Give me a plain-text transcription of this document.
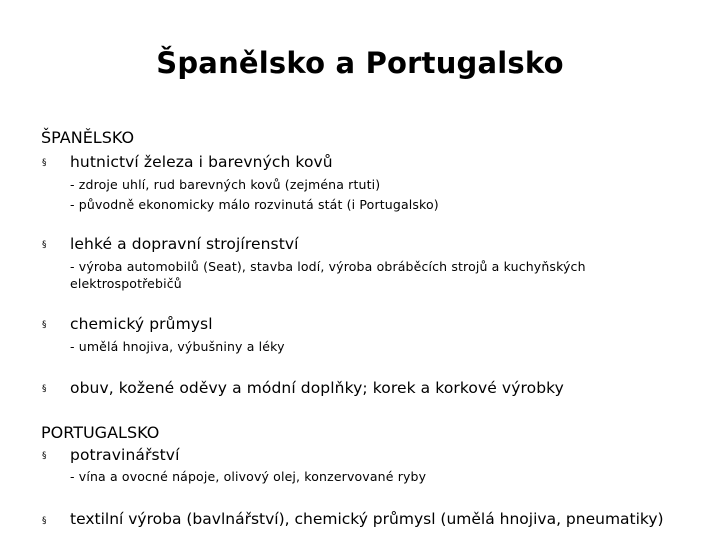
Španělsko a Portugalsko
ŠPANĚLSKO
§ hutnictví železa i barevných kovů
- zdroje uhlí, rud barevných kovů (zejména rtuti)
- původně ekonomicky málo rozvinutá stát (i Portugalsko)
§ lehké a dopravní strojírenství
- výroba automobilů (Seat), stavba lodí, výroba obráběcích strojů a kuchyňských
elektrospotřebičů
§ chemický průmysl
- umělá hnojiva, výbušniny a léky
§ obuv, kožené oděvy a módní doplňky; korek a korkové výrobky
PORTUGALSKO
§ potravinářství
- vína a ovocné nápoje, olivový olej, konzervované ryby
§ textilní výroba (bavlnářství), chemický průmysl (umělá hnojiva, pneumatiky)
